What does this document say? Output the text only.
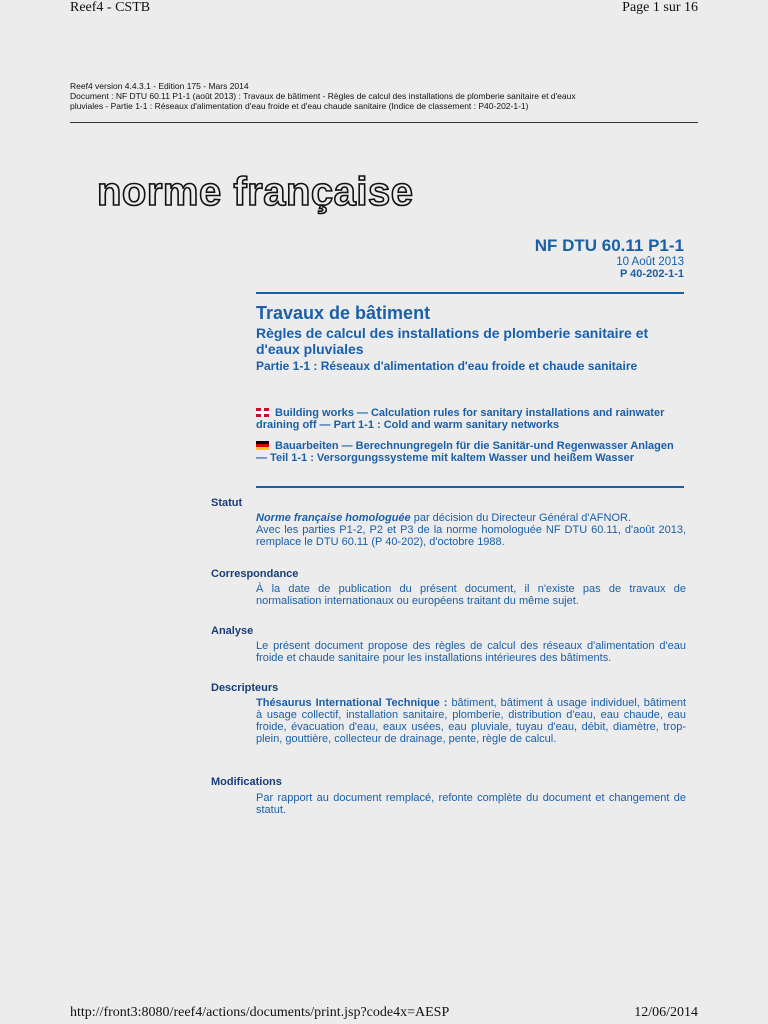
Reef4 - CSTB	Page 1 sur 16
Reef4 version 4.4.3.1 - Edition 175 - Mars 2014
Document : NF DTU 60.11 P1-1 (août 2013) : Travaux de bâtiment - Règles de calcul des installations de plomberie sanitaire et d'eaux
pluviales - Partie 1-1 : Réseaux d'alimentation d'eau froide et d'eau chaude sanitaire (Indice de classement : P40-202-1-1)
norme française
NF DTU 60.11 P1-1
10 Août 2013
P 40-202-1-1
Travaux de bâtiment
Règles de calcul des installations de plomberie sanitaire et d'eaux pluviales
Partie 1-1 : Réseaux d'alimentation d'eau froide et chaude sanitaire
Building works — Calculation rules for sanitary installations and rainwater draining off — Part 1-1 : Cold and warm sanitary networks
Bauarbeiten — Berechnungregeln für die Sanitär-und Regenwasser Anlagen — Teil 1-1 : Versorgungssysteme mit kaltem Wasser und heißem Wasser
Statut
Norme française homologuée par décision du Directeur Général d'AFNOR.
Avec les parties P1-2, P2 et P3 de la norme homologuée NF DTU 60.11, d'août 2013, remplace le DTU 60.11 (P 40-202), d'octobre 1988.
Correspondance
À la date de publication du présent document, il n'existe pas de travaux de normalisation internationaux ou européens traitant du même sujet.
Analyse
Le présent document propose des règles de calcul des réseaux d'alimentation d'eau froide et chaude sanitaire pour les installations intérieures des bâtiments.
Descripteurs
Thésaurus International Technique : bâtiment, bâtiment à usage individuel, bâtiment à usage collectif, installation sanitaire, plomberie, distribution d'eau, eau chaude, eau froide, évacuation d'eau, eaux usées, eau pluviale, tuyau d'eau, débit, diamètre, trop-plein, gouttière, collecteur de drainage, pente, règle de calcul.
Modifications
Par rapport au document remplacé, refonte complète du document et changement de statut.
http://front3:8080/reef4/actions/documents/print.jsp?code4x=AESP	12/06/2014
